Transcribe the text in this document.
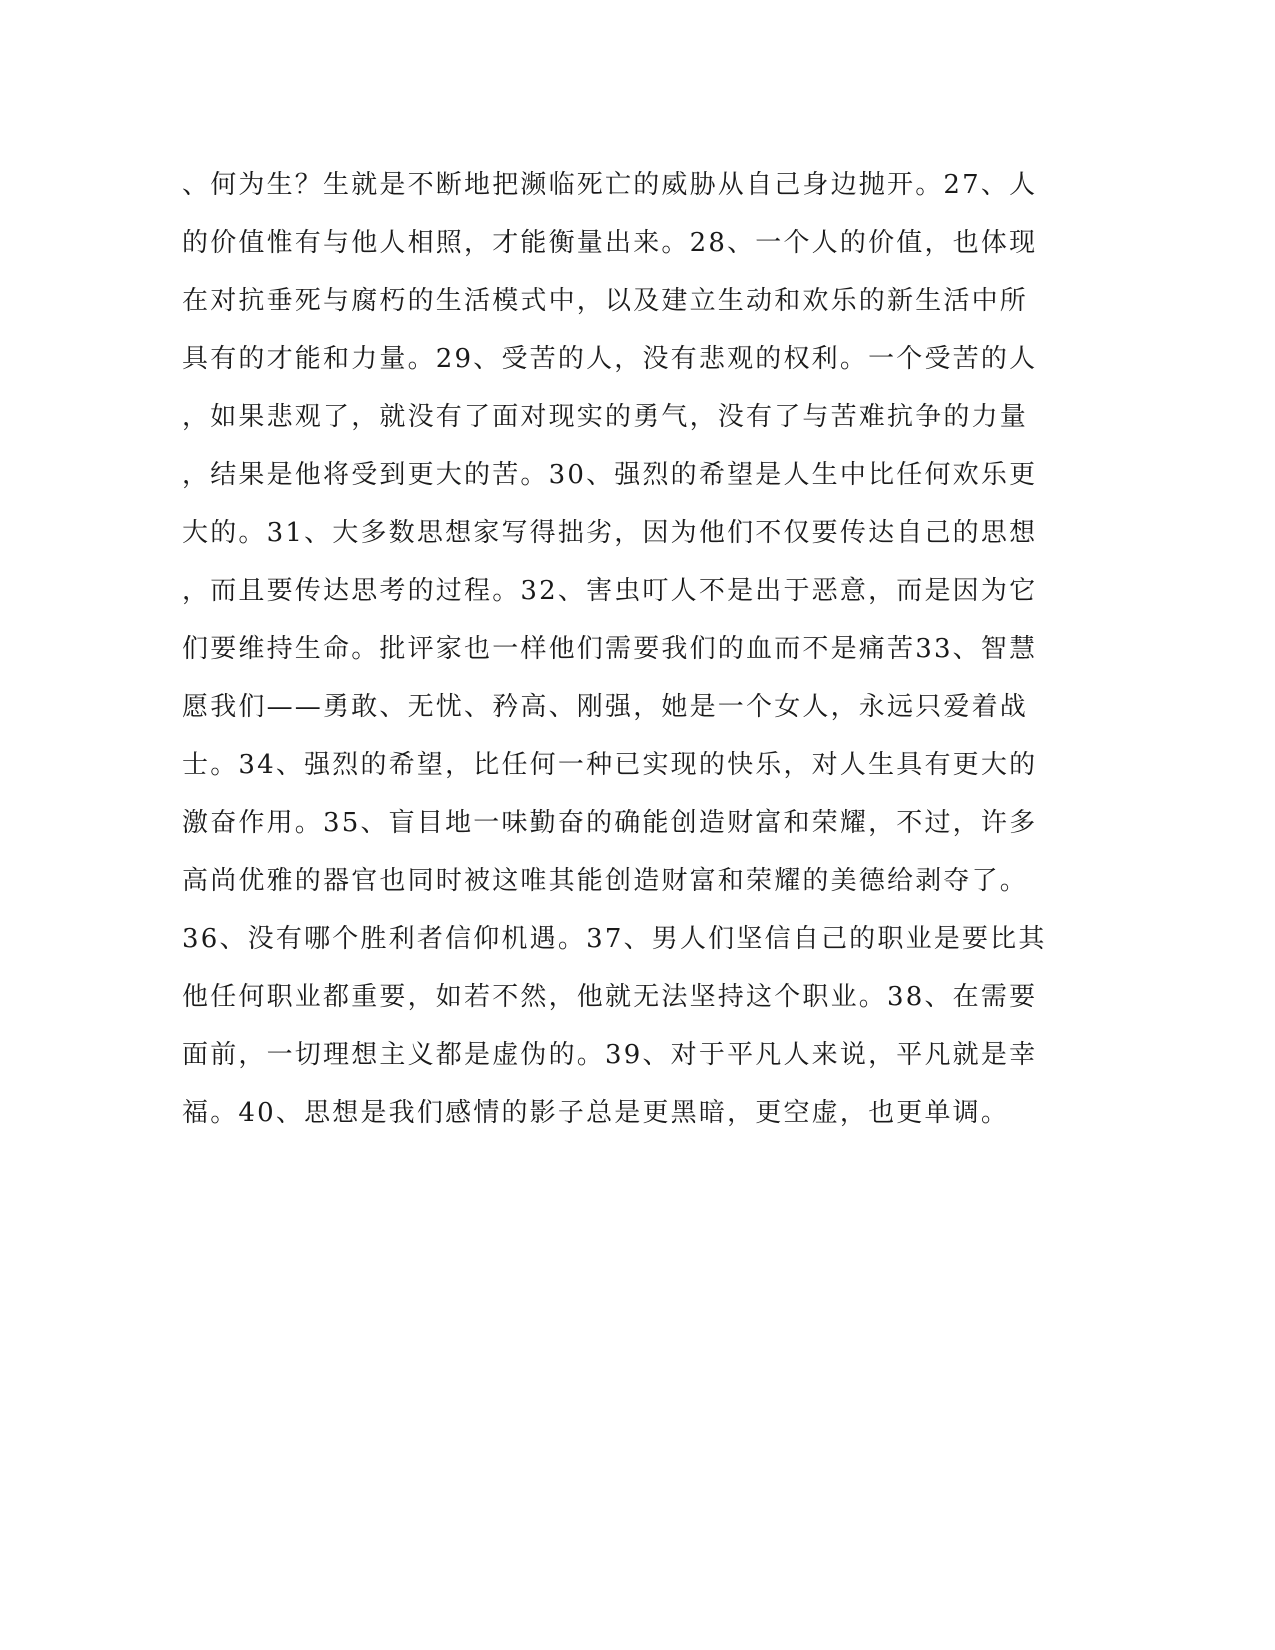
、何为生？生就是不断地把濒临死亡的威胁从自己身边抛开。27、人
的价值惟有与他人相照，才能衡量出来。28、一个人的价值，也体现
在对抗垂死与腐朽的生活模式中，以及建立生动和欢乐的新生活中所
具有的才能和力量。29、受苦的人，没有悲观的权利。一个受苦的人
，如果悲观了，就没有了面对现实的勇气，没有了与苦难抗争的力量
，结果是他将受到更大的苦。30、强烈的希望是人生中比任何欢乐更
大的。31、大多数思想家写得拙劣，因为他们不仅要传达自己的思想
，而且要传达思考的过程。32、害虫叮人不是出于恶意，而是因为它
们要维持生命。批评家也一样他们需要我们的血而不是痛苦33、智慧
愿我们——勇敢、无忧、矜高、刚强，她是一个女人，永远只爱着战
士。34、强烈的希望，比任何一种已实现的快乐，对人生具有更大的
激奋作用。35、盲目地一味勤奋的确能创造财富和荣耀，不过，许多
高尚优雅的器官也同时被这唯其能创造财富和荣耀的美德给剥夺了。
36、没有哪个胜利者信仰机遇。37、男人们坚信自己的职业是要比其
他任何职业都重要，如若不然，他就无法坚持这个职业。38、在需要
面前，一切理想主义都是虚伪的。39、对于平凡人来说，平凡就是幸
福。40、思想是我们感情的影子总是更黑暗，更空虚，也更单调。
